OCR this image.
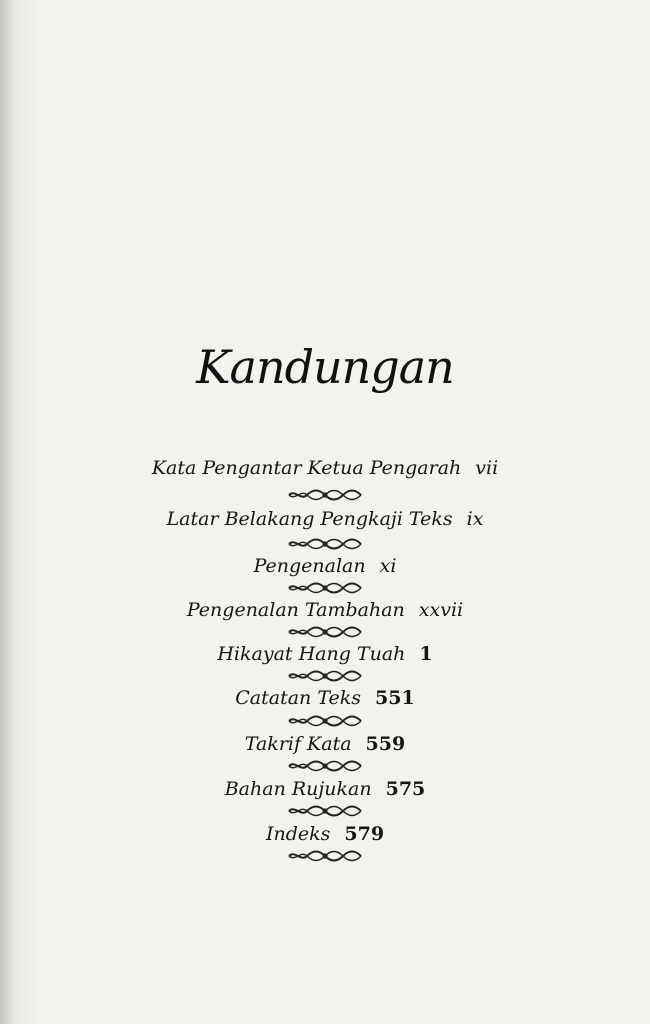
Kandungan
Kata Pengantar Ketua Pengarah vii
Latar Belakang Pengkaji Teks ix
Pengenalan xi
Pengenalan Tambahan xxvii
Hikayat Hang Tuah 1
Catatan Teks 551
Takrif Kata 559
Bahan Rujukan 575
Indeks 579
